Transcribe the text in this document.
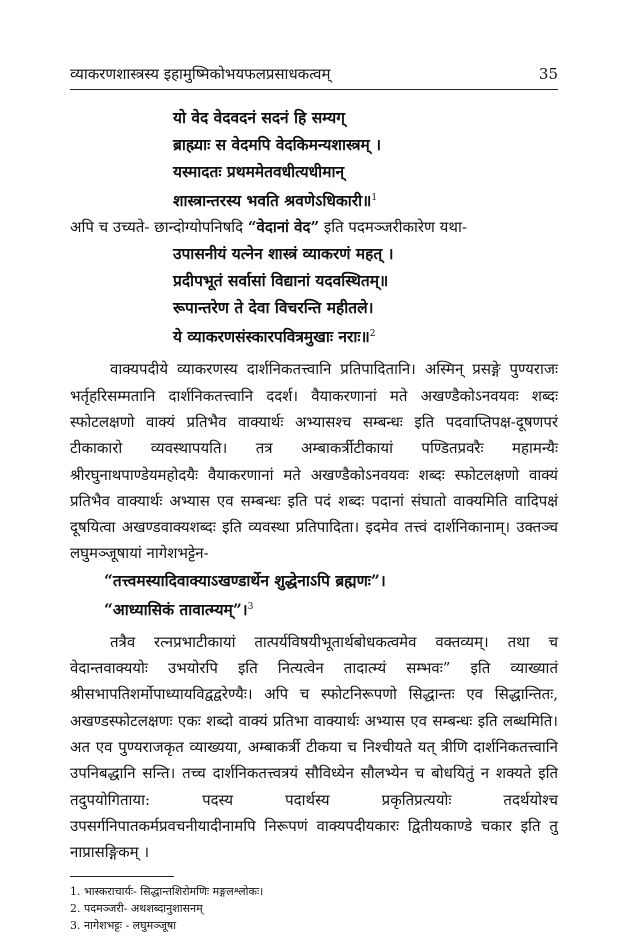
व्याकरणशास्त्रस्य इहामुष्मिकोभयफलप्रसाधकत्वम्	35
यो वेद वेदवदनं सदनं हि सम्यग्
ब्राह्म्याः स वेदमपि वेदकिमन्यशास्त्रम् ।
यस्मादतः प्रथममेतवधीत्यधीमान्
शास्त्रान्तरस्य भवति श्रवणेऽधिकारी॥$^1$
अपि च उच्यते- छान्दोग्योपनिषदि “वेदानां वेद” इति पदमञ्जरीकारेण यथा-
उपासनीयं यत्नेन शास्त्रं व्याकरणं महत् ।
प्रदीपभूतं सर्वासां विद्यानां यदवस्थितम्॥
रूपान्तरेण ते देवा विचरन्ति महीतले।
ये व्याकरणसंस्कारपवित्रमुखाः नराः॥$^2$

वाक्यपदीये व्याकरणस्य दार्शनिकतत्त्वानि प्रतिपादितानि। अस्मिन् प्रसङ्गे पुण्यराजः भर्तृहरिसम्मतानि दार्शनिकतत्त्वानि ददर्श। वैयाकरणानां मते अखण्डैकोऽनवयवः शब्दः स्फोटलक्षणो वाक्यं प्रतिभैव वाक्यार्थः अभ्यासश्च सम्बन्धः इति पदवाप्तिपक्ष-दूषणपरं टीकाकारो व्यवस्थापयति। तत्र अम्बाकर्त्रीटीकायां पण्डितप्रवरैः महामन्यैः श्रीरघुनाथपाण्डेयमहोदयैः वैयाकरणानां मते अखण्डैकोऽनवयवः शब्दः स्फोटलक्षणो वाक्यं प्रतिभैव वाक्यार्थः अभ्यास एव सम्बन्धः इति पदं शब्दः पदानां संघातो वाक्यमिति वादिपक्षं दूषयित्वा अखण्डवाक्यशब्दः इति व्यवस्था प्रतिपादिता। इदमेव तत्त्वं दार्शनिकानाम्। उक्तञ्च लघुमञ्जूषायां नागेशभट्टेन-

“तत्त्वमस्यादिवाक्याऽखण्डार्थेन शुद्धेनाऽपि ब्रह्मणः”।
“आध्यासिकं तावात्म्यम्”।$^3$

तत्रैव रत्नप्रभाटीकायां तात्पर्यविषयीभूतार्थबोधकत्वमेव वक्तव्यम्। तथा च वेदान्तवाक्ययोः उभयोरपि इति नित्यत्वेन तादात्म्यं सम्भवः” इति व्याख्यातं श्रीसभापतिशर्मोपाध्यायविद्वद्वरेण्यैः। अपि च स्फोटनिरूपणो सिद्धान्तः एव सिद्धान्तितः, अखण्डस्फोटलक्षणः एकः शब्दो वाक्यं प्रतिभा वाक्यार्थः अभ्यास एव सम्बन्धः इति लब्धमिति। अत एव पुण्यराजकृत व्याख्यया, अम्बाकर्त्री टीकया च निश्चीयते यत् त्रीणि दार्शनिकतत्त्वानि उपनिबद्धानि सन्ति। तच्च दार्शनिकतत्त्वत्रयं सौविध्येन सौलभ्येन च बोधयितुं न शक्यते इति तदुपयोगिताया: पदस्य पदार्थस्य प्रकृतिप्रत्ययोः तदर्थयोश्च उपसर्गनिपातकर्मप्रवचनीयादीनामपि निरूपणं वाक्यपदीयकारः द्वितीयकाण्डे चकार इति तु नाप्रासङ्गिकम् ।

1. भास्कराचार्यः- सिद्धान्तशिरोमणिः मङ्गलश्लोकः।
2. पदमञ्जरी- अथशब्दानुशासनम्
3. नागेशभट्टः - लघुमञ्जूषा
